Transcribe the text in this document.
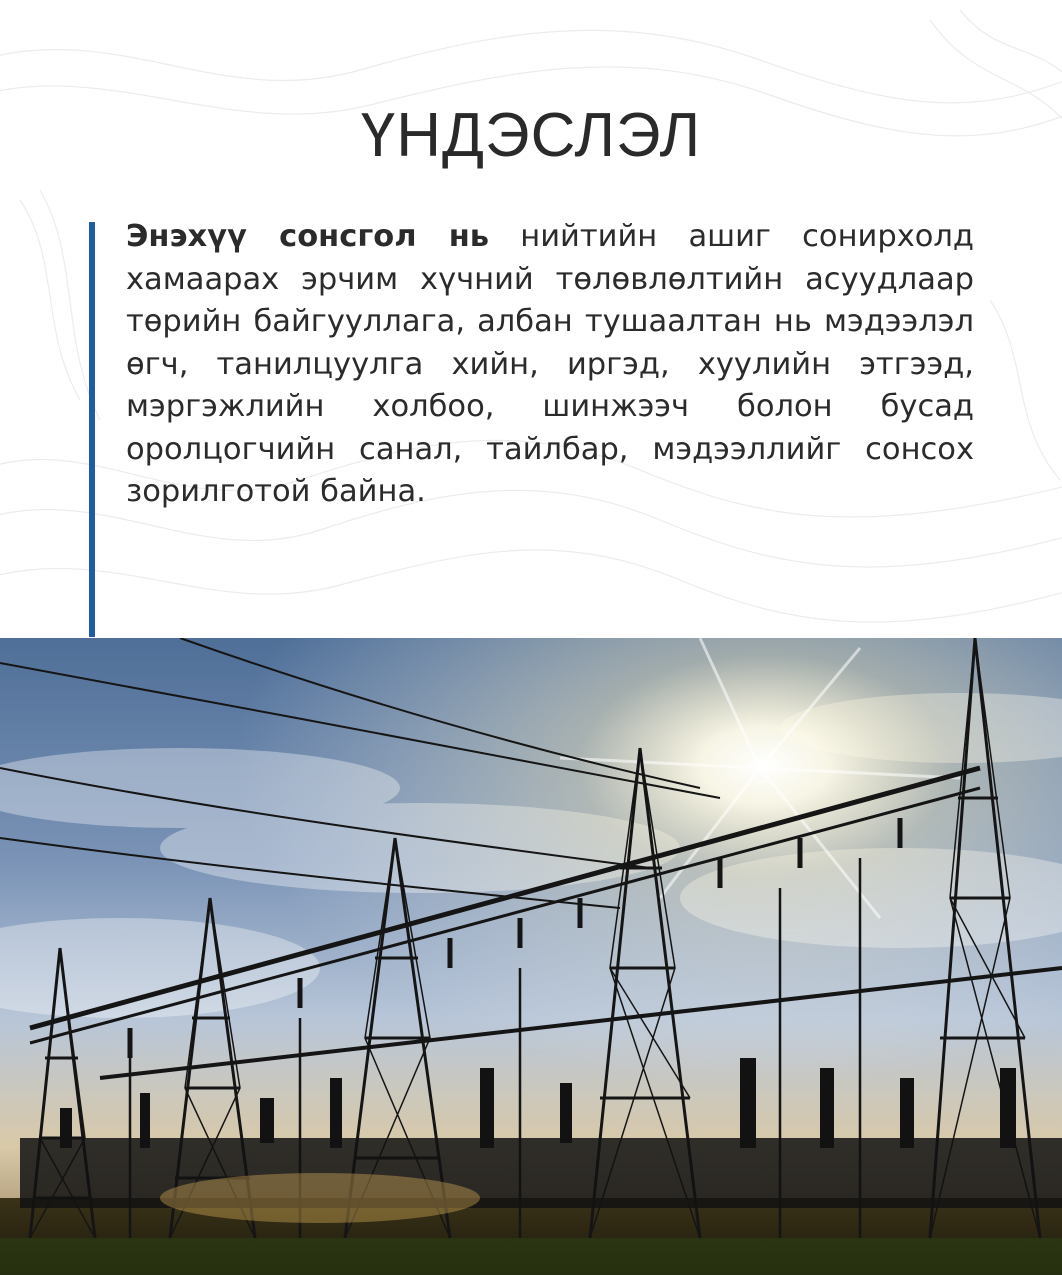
ҮНДЭСЛЭЛ

Энэхүү сонсгол нь нийтийн ашиг сонирхолд хамаарах эрчим хүчний төлөвлөлтийн асуудлаар төрийн байгууллага, албан тушаалтан нь мэдээлэл өгч, танилцуулга хийн, иргэд, хуулийн этгээд, мэргэжлийн холбоо, шинжээч болон бусад оролцогчийн санал, тайлбар, мэдээллийг сонсох зорилготой байна.
